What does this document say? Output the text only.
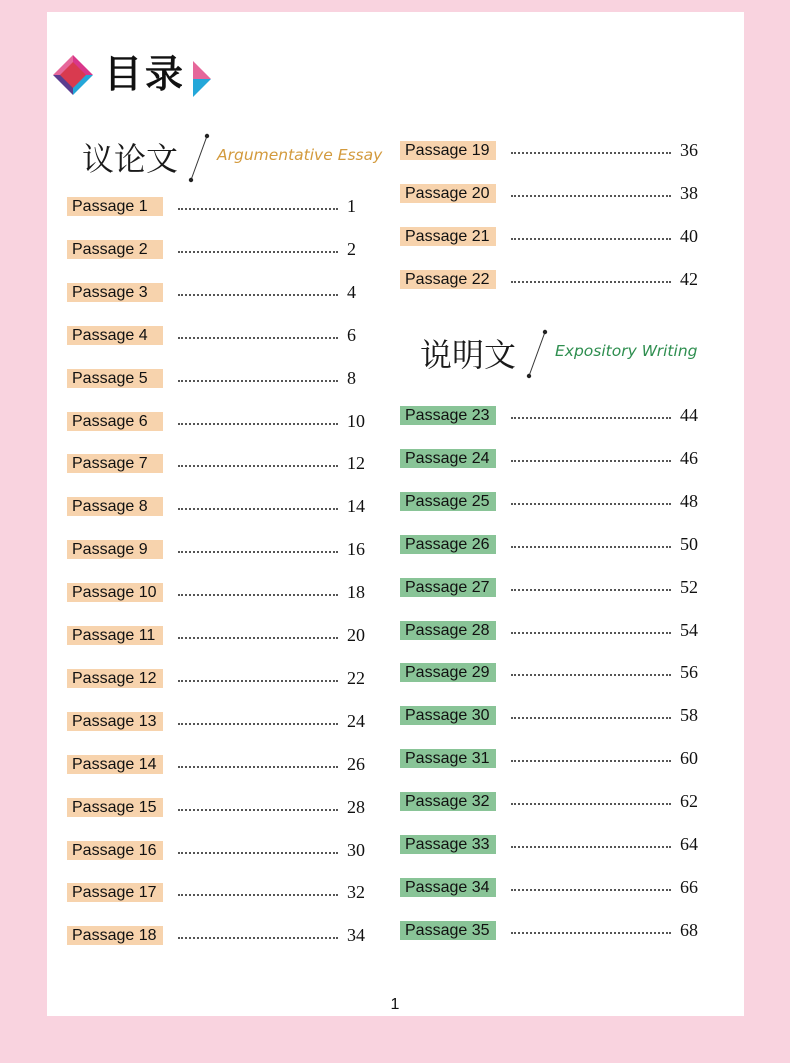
目录
议论文	Argumentative Essay
说明文	Expository Writing
Passage 1	1
Passage 2	2
Passage 3	4
Passage 4	6
Passage 5	8
Passage 6	10
Passage 7	12
Passage 8	14
Passage 9	16
Passage 10	18
Passage 11	20
Passage 12	22
Passage 13	24
Passage 14	26
Passage 15	28
Passage 16	30
Passage 17	32
Passage 18	34
Passage 19	36
Passage 20	38
Passage 21	40
Passage 22	42
Passage 23	44
Passage 24	46
Passage 25	48
Passage 26	50
Passage 27	52
Passage 28	54
Passage 29	56
Passage 30	58
Passage 31	60
Passage 32	62
Passage 33	64
Passage 34	66
Passage 35	68
1
